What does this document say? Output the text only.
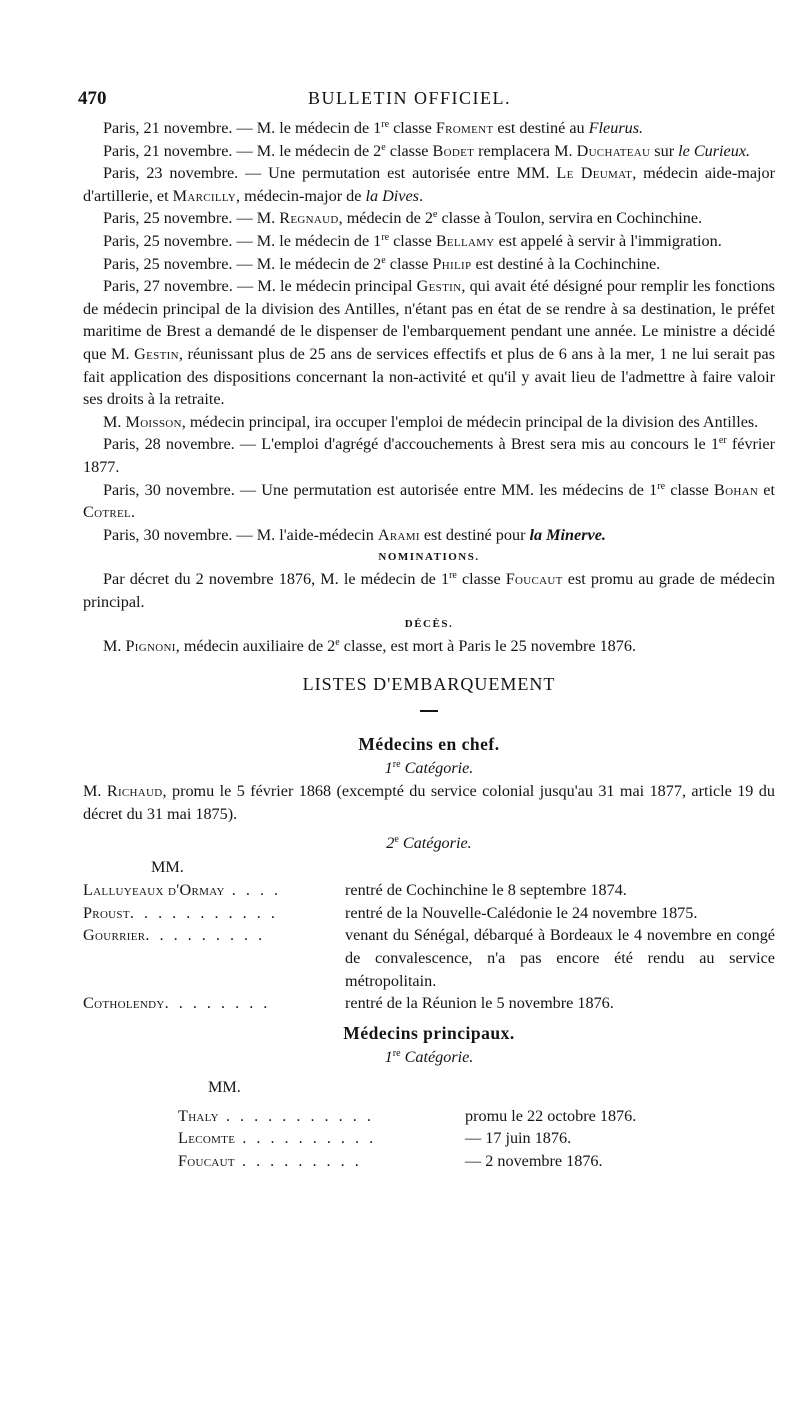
470	BULLETIN OFFICIEL.

Paris, 21 novembre. — M. le médecin de 1re classe Froment est destiné au Fleurus.

Paris, 21 novembre. — M. le médecin de 2e classe Bodet remplacera M. Duchateau sur le Curieux.

Paris, 23 novembre. — Une permutation est autorisée entre MM. Le Deumat, médecin aide-major d'artillerie, et Marcilly, médecin-major de la Dives.

Paris, 25 novembre. — M. Regnaud, médecin de 2e classe à Toulon, servira en Cochinchine.

Paris, 25 novembre. — M. le médecin de 1re classe Bellamy est appelé à servir à l'immigration.

Paris, 25 novembre. — M. le médecin de 2e classe Philip est destiné à la Cochinchine.

Paris, 27 novembre. — M. le médecin principal Gestin, qui avait été désigné pour remplir les fonctions de médecin principal de la division des Antilles, n'étant pas en état de se rendre à sa destination, le préfet maritime de Brest a demandé de le dispenser de l'embarquement pendant une année. Le ministre a décidé que M. Gestin, réunissant plus de 25 ans de services effectifs et plus de 6 ans à la mer, 1 ne lui serait pas fait application des dispositions concernant la non-activité et qu'il y avait lieu de l'admettre à faire valoir ses droits à la retraite.

M. Moisson, médecin principal, ira occuper l'emploi de médecin principal de la division des Antilles.

Paris, 28 novembre. — L'emploi d'agrégé d'accouchements à Brest sera mis au concours le 1er février 1877.

Paris, 30 novembre. — Une permutation est autorisée entre MM. les médecins de 1re classe Bohan et Cotrel.

Paris, 30 novembre. — M. l'aide-médecin Arami est destiné pour la Minerve.

NOMINATIONS.

Par décret du 2 novembre 1876, M. le médecin de 1re classe Foucaut est promu au grade de médecin principal.

DÉCÈS.

M. Pignoni, médecin auxiliaire de 2e classe, est mort à Paris le 25 novembre 1876.

LISTES D'EMBARQUEMENT
Médecins en chef.
1re Catégorie.

M. Richaud, promu le 5 février 1868 (excempté du service colonial jusqu'au 31 mai 1877, article 19 du décret du 31 mai 1875).

2e Catégorie.
MM.
Lalluyeaux d'Ormay . . . .	rentré de Cochinchine le 8 septembre 1874.
Proust. . . . . . . . . . .	rentré de la Nouvelle-Calédonie le 24 novembre 1875.
Gourrier. . . . . . . . .	venant du Sénégal, débarqué à Bordeaux le 4 novembre en congé de convalescence, n'a pas encore été rendu au service métropolitain.
Cotholendy. . . . . . . .	rentré de la Réunion le 5 novembre 1876.
Médecins principaux.
1re Catégorie.
MM.
Thaly . . . . . . . . . . .	promu le 22 octobre 1876.
Lecomte . . . . . . . . . .	— 17 juin 1876.
Foucaut . . . . . . . . .	— 2 novembre 1876.
